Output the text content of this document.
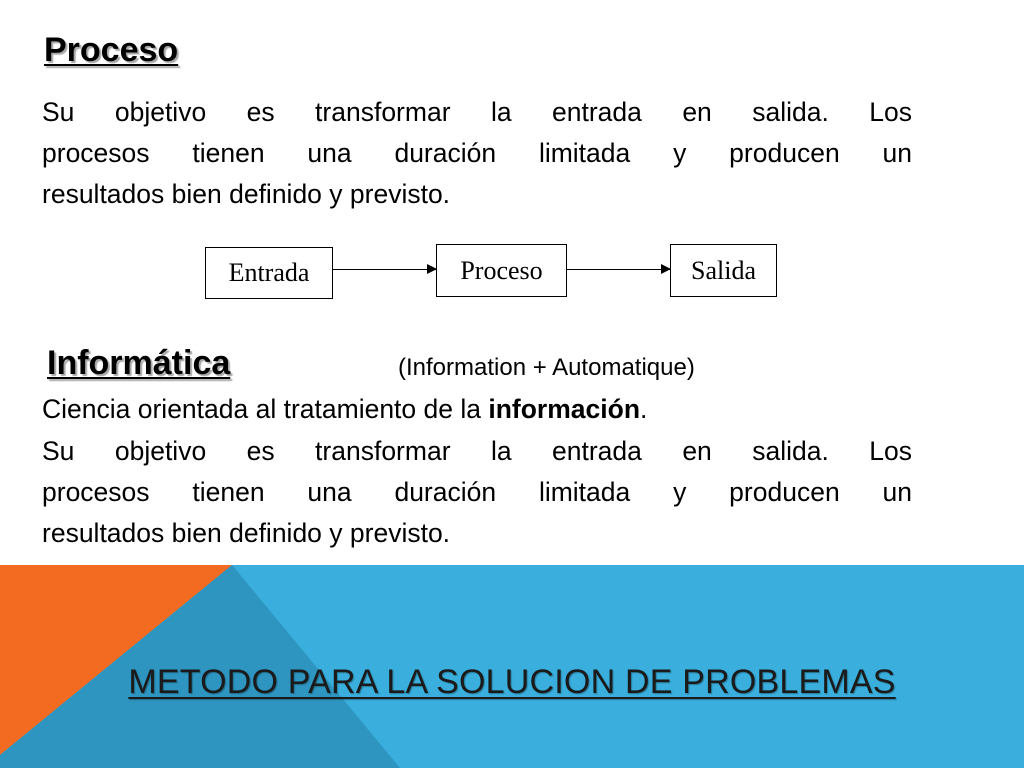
Proceso
Su objetivo es transformar la entrada en salida. Los
procesos tienen una duración limitada y producen un
resultados bien definido y previsto.
Entrada	Proceso	Salida
Informática	(Information + Automatique)
Ciencia orientada al tratamiento de la información.
Su objetivo es transformar la entrada en salida. Los
procesos tienen una duración limitada y producen un
resultados bien definido y previsto.
METODO PARA LA SOLUCION DE PROBLEMAS
